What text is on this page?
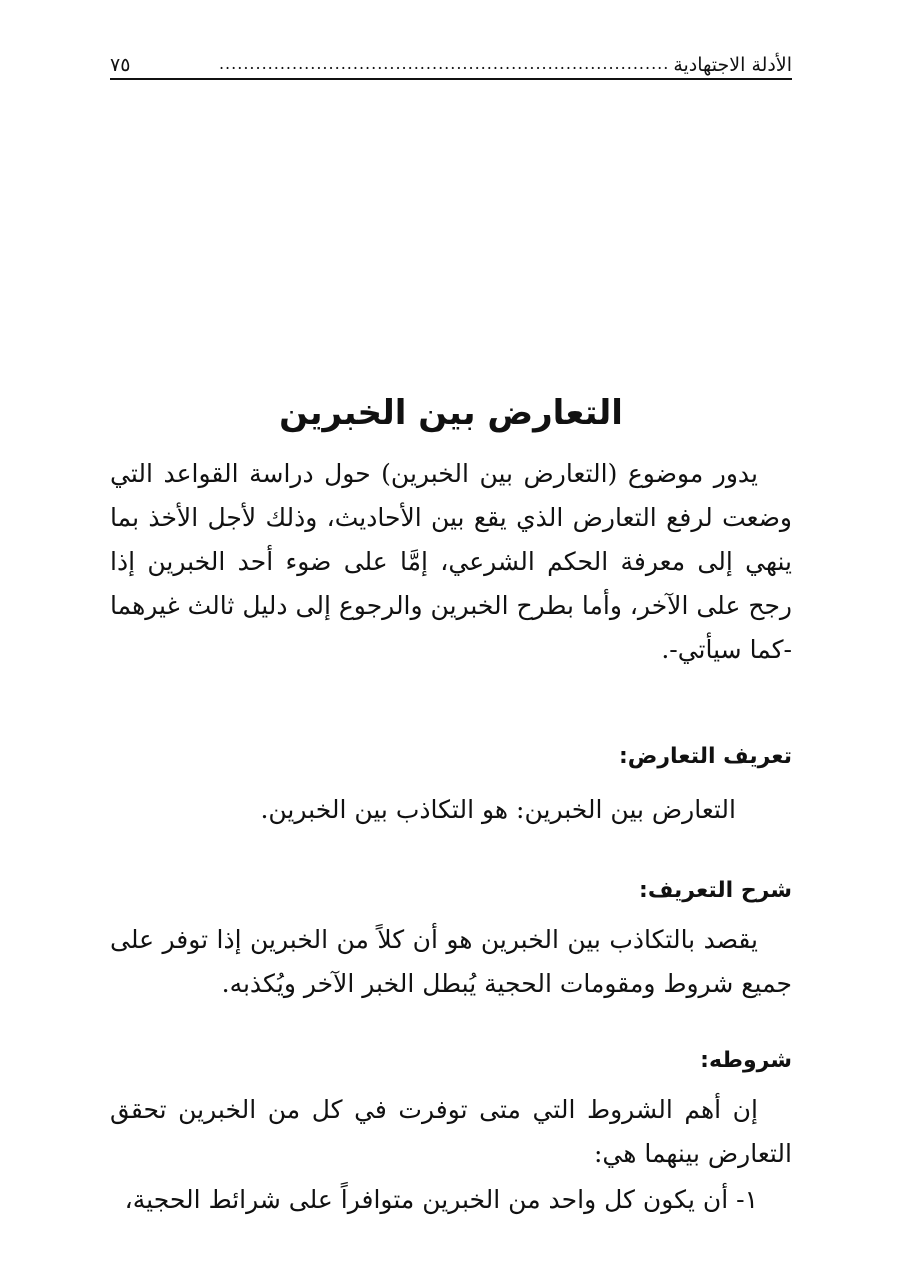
الأدلة الاجتهادية
..........................................................................
٧٥
التعارض بين الخبرين

يدور موضوع (التعارض بين الخبرين) حول دراسة القواعد التي وضعت لرفع التعارض الذي يقع بين الأحاديث، وذلك لأجل الأخذ بما ينهي إلى معرفة الحكم الشرعي، إمَّا على ضوء أحد الخبرين إذا رجح على الآخر، وأما بطرح الخبرين والرجوع إلى دليل ثالث غيرهما -كما سيأتي-.

تعريف التعارض:

التعارض بين الخبرين: هو التكاذب بين الخبرين.

شرح التعريف:

يقصد بالتكاذب بين الخبرين هو أن كلاً من الخبرين إذا توفر على جميع شروط ومقومات الحجية يُبطل الخبر الآخر ويُكذبه.

شروطه:

إن أهم الشروط التي متى توفرت في كل من الخبرين تحقق التعارض بينهما هي:

١- أن يكون كل واحد من الخبرين متوافراً على شرائط الحجية،
